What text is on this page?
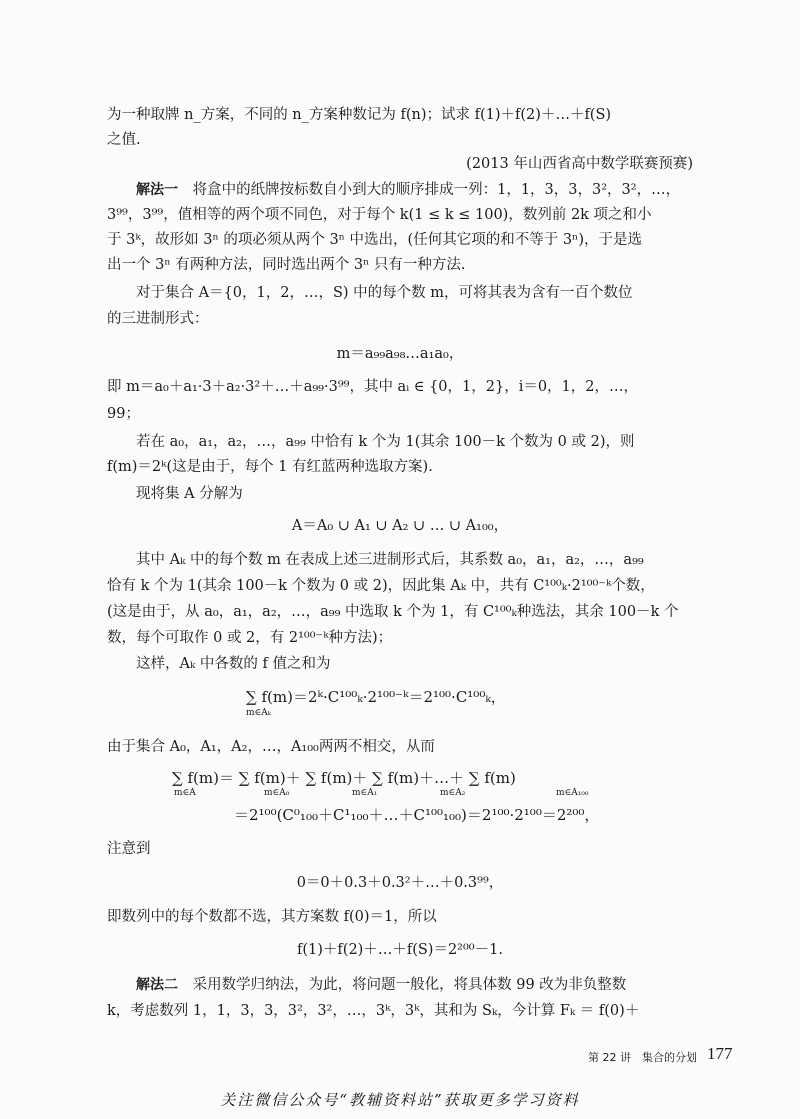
为一种取牌 n_方案，不同的 n_方案种数记为 f(n)；试求 f(1)＋f(2)＋…＋f(S)
之值.
(2013 年山西省高中数学联赛预赛)
解法一 将盒中的纸牌按标数自小到大的顺序排成一列：1，1，3，3，3²，3²，…，
3⁹⁹，3⁹⁹，值相等的两个项不同色，对于每个 k(1 ≤ k ≤ 100)，数列前 2k 项之和小
于 3ᵏ，故形如 3ⁿ 的项必须从两个 3ⁿ 中选出，(任何其它项的和不等于 3ⁿ)，于是选
出一个 3ⁿ 有两种方法，同时选出两个 3ⁿ 只有一种方法.
对于集合 A＝{0，1，2，…，S) 中的每个数 m，可将其表为含有一百个数位
的三进制形式：
m＝a₉₉a₉₈…a₁a₀，
即 m＝a₀＋a₁·3＋a₂·3²＋…＋a₉₉·3⁹⁹，其中 aᵢ ∈ {0，1，2}，i＝0，1，2，…，
99；
若在 a₀，a₁，a₂，…，a₉₉ 中恰有 k 个为 1(其余 100－k 个数为 0 或 2)，则
f(m)＝2ᵏ(这是由于，每个 1 有红蓝两种选取方案).
现将集 A 分解为
A＝A₀ ∪ A₁ ∪ A₂ ∪ … ∪ A₁₀₀，
其中 Aₖ 中的每个数 m 在表成上述三进制形式后，其系数 a₀，a₁，a₂，…，a₉₉
恰有 k 个为 1(其余 100－k 个数为 0 或 2)，因此集 Aₖ 中，共有 C¹⁰⁰ₖ·2¹⁰⁰⁻ᵏ个数，
(这是由于，从 a₀，a₁，a₂，…，a₉₉ 中选取 k 个为 1，有 C¹⁰⁰ₖ种选法，其余 100－k 个
数，每个可取作 0 或 2，有 2¹⁰⁰⁻ᵏ种方法)；
这样，Aₖ 中各数的 f 值之和为
∑ f(m)＝2ᵏ·C¹⁰⁰ₖ·2¹⁰⁰⁻ᵏ＝2¹⁰⁰·C¹⁰⁰ₖ，
m∈Aₖ
由于集合 A₀，A₁，A₂，…，A₁₀₀两两不相交，从而
∑ f(m)＝ ∑ f(m)＋ ∑ f(m)＋ ∑ f(m)＋…＋ ∑ f(m)
m∈A	m∈A₀	m∈A₁	m∈A₂	m∈A₁₀₀
＝2¹⁰⁰(C⁰₁₀₀＋C¹₁₀₀＋…＋C¹⁰⁰₁₀₀)＝2¹⁰⁰·2¹⁰⁰＝2²⁰⁰，
注意到
0＝0＋0.3＋0.3²＋…＋0.3⁹⁹，
即数列中的每个数都不选，其方案数 f(0)＝1，所以
f(1)＋f(2)＋…＋f(S)＝2²⁰⁰－1.
解法二 采用数学归纳法，为此，将问题一般化，将具体数 99 改为非负整数
k，考虑数列 1，1，3，3，3²，3²，…，3ᵏ，3ᵏ，其和为 Sₖ，今计算 Fₖ ＝ f(0)＋
第 22 讲　集合的分划 177
关注微信公众号“教辅资料站”获取更多学习资料
